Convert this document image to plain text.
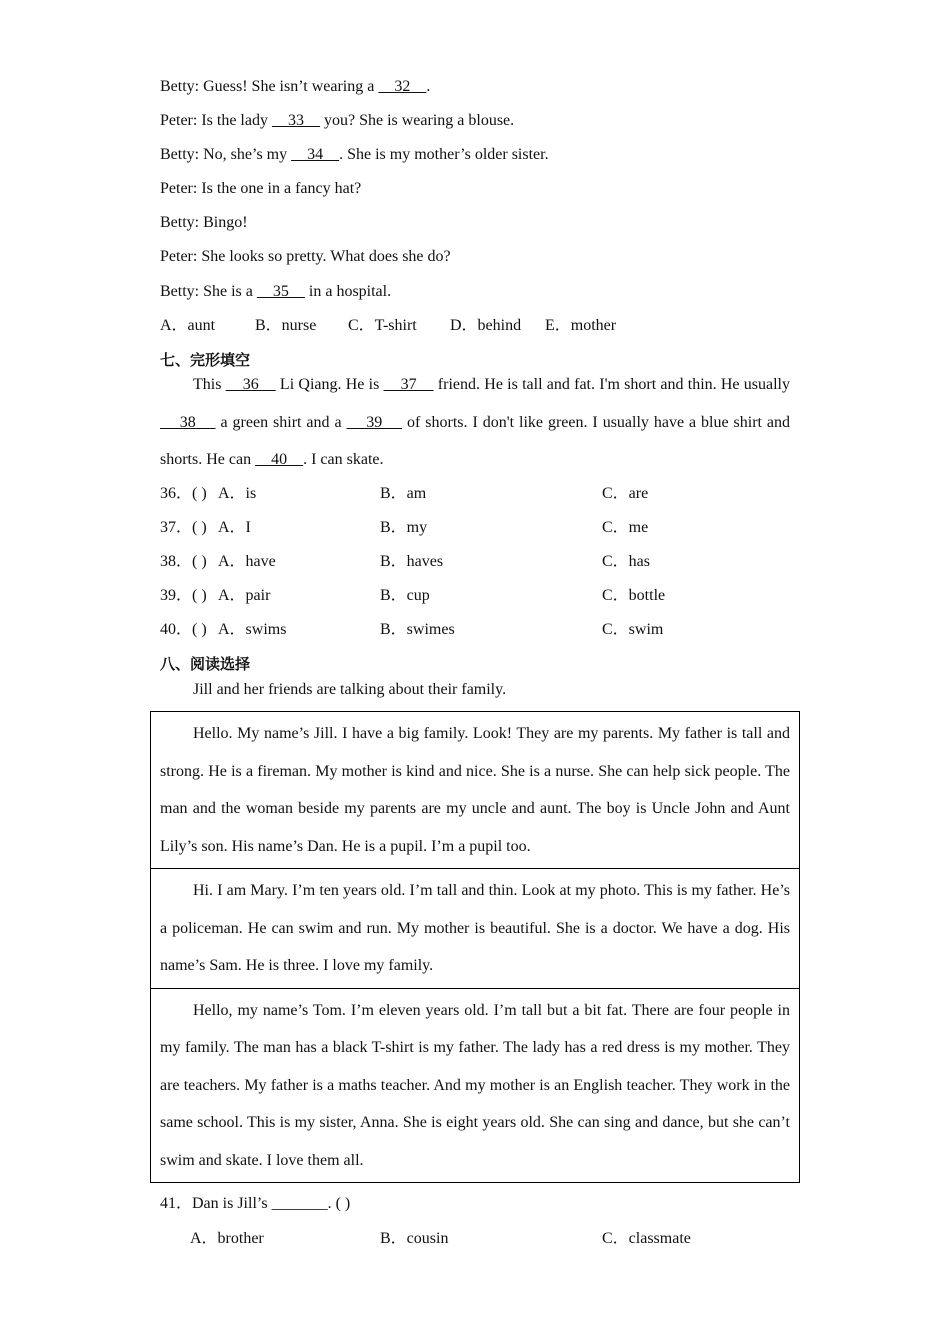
Betty: Guess! She isn’t wearing a     32    .
Peter: Is the lady     33     you? She is wearing a blouse.
Betty: No, she’s my     34    . She is my mother’s older sister.
Peter: Is the one in a fancy hat?
Betty: Bingo!
Peter: She looks so pretty. What does she do?
Betty: She is a     35     in a hospital.
A．aunt B．nurse C．T-shirt D．behind E．mother
七、完形填空
This     36     Li Qiang. He is     37     friend. He is tall and fat. I'm short and thin. He usually     38     a green shirt and a     39     of shorts. I don't like green. I usually have a blue shirt and shorts. He can     40    . I can skate.
36．( ) A．is	B．am	C．are
37．( ) A．I	B．my	C．me
38．( ) A．have	B．haves	C．has
39．( ) A．pair	B．cup	C．bottle
40．( ) A．swims	B．swimes	C．swim
八、阅读选择
Jill and her friends are talking about their family.
Hello. My name’s Jill. I have a big family. Look! They are my parents. My father is tall and strong. He is a fireman. My mother is kind and nice. She is a nurse. She can help sick people. The man and the woman beside my parents are my uncle and aunt. The boy is Uncle John and Aunt Lily’s son. His name’s Dan. He is a pupil. I’m a pupil too.
Hi. I am Mary. I’m ten years old. I’m tall and thin. Look at my photo. This is my father. He’s a policeman. He can swim and run. My mother is beautiful. She is a doctor. We have a dog. His name’s Sam. He is three. I love my family.
Hello, my name’s Tom. I’m eleven years old. I’m tall but a bit fat. There are four people in my family. The man has a black T-shirt is my father. The lady has a red dress is my mother. They are teachers. My father is a maths teacher. And my mother is an English teacher. They work in the same school. This is my sister, Anna. She is eight years old. She can sing and dance, but she can’t swim and skate. I love them all.
41．Dan is Jill’s _______. ( )
A．brother	B．cousin	C．classmate
